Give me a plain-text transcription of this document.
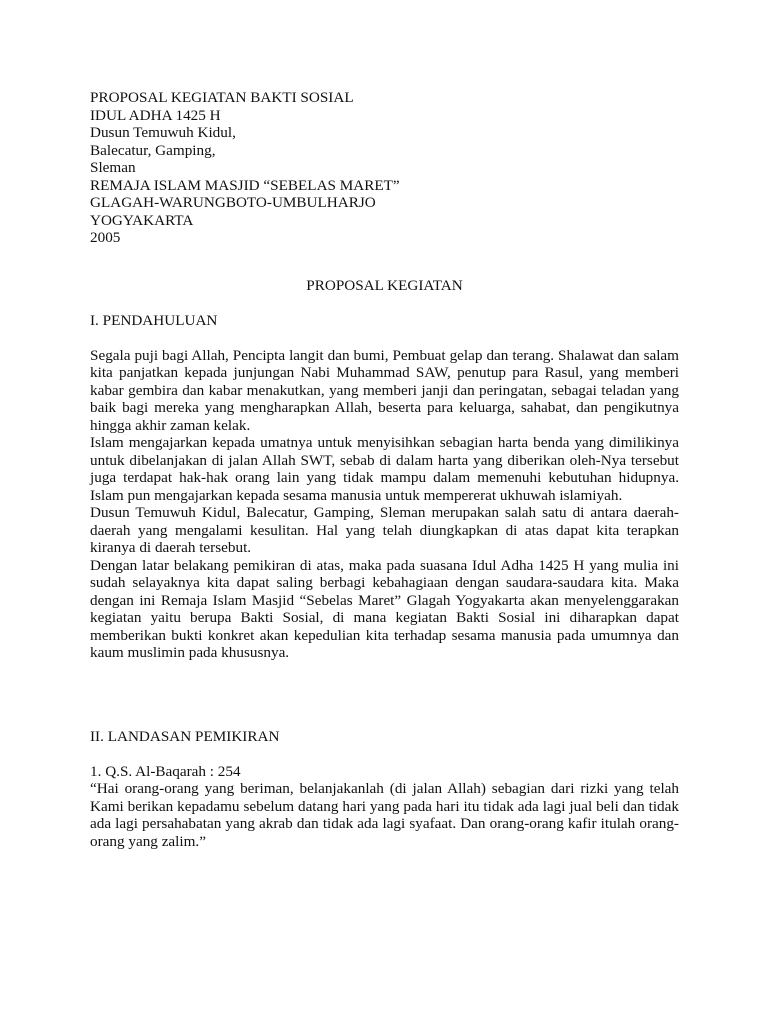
PROPOSAL KEGIATAN BAKTI SOSIAL
IDUL ADHA 1425 H
Dusun Temuwuh Kidul,
Balecatur, Gamping,
Sleman
REMAJA ISLAM MASJID “SEBELAS MARET”
GLAGAH-WARUNGBOTO-UMBULHARJO
YOGYAKARTA
2005
PROPOSAL KEGIATAN
I. PENDAHULUAN

Segala puji bagi Allah, Pencipta langit dan bumi, Pembuat gelap dan terang. Shalawat dan salam kita panjatkan kepada junjungan Nabi Muhammad SAW, penutup para Rasul, yang memberi kabar gembira dan kabar menakutkan, yang memberi janji dan peringatan, sebagai teladan yang baik bagi mereka yang mengharapkan Allah, beserta para keluarga, sahabat, dan pengikutnya hingga akhir zaman kelak.

Islam mengajarkan kepada umatnya untuk menyisihkan sebagian harta benda yang dimilikinya untuk dibelanjakan di jalan Allah SWT, sebab di dalam harta yang diberikan oleh-Nya tersebut juga terdapat hak-hak orang lain yang tidak mampu dalam memenuhi kebutuhan hidupnya. Islam pun mengajarkan kepada sesama manusia untuk mempererat ukhuwah islamiyah.

Dusun Temuwuh Kidul, Balecatur, Gamping, Sleman merupakan salah satu di antara daerah-daerah yang mengalami kesulitan. Hal yang telah diungkapkan di atas dapat kita terapkan kiranya di daerah tersebut.

Dengan latar belakang pemikiran di atas, maka pada suasana Idul Adha 1425 H yang mulia ini sudah selayaknya kita dapat saling berbagi kebahagiaan dengan saudara-saudara kita. Maka dengan ini Remaja Islam Masjid “Sebelas Maret” Glagah Yogyakarta akan menyelenggarakan kegiatan yaitu berupa Bakti Sosial, di mana kegiatan Bakti Sosial ini diharapkan dapat memberikan bukti konkret akan kepedulian kita terhadap sesama manusia pada umumnya dan kaum muslimin pada khususnya.

II. LANDASAN PEMIKIRAN
1. Q.S. Al-Baqarah : 254

“Hai orang-orang yang beriman, belanjakanlah (di jalan Allah) sebagian dari rizki yang telah Kami berikan kepadamu sebelum datang hari yang pada hari itu tidak ada lagi jual beli dan tidak ada lagi persahabatan yang akrab dan tidak ada lagi syafaat. Dan orang-orang kafir itulah orang-orang yang zalim.”
